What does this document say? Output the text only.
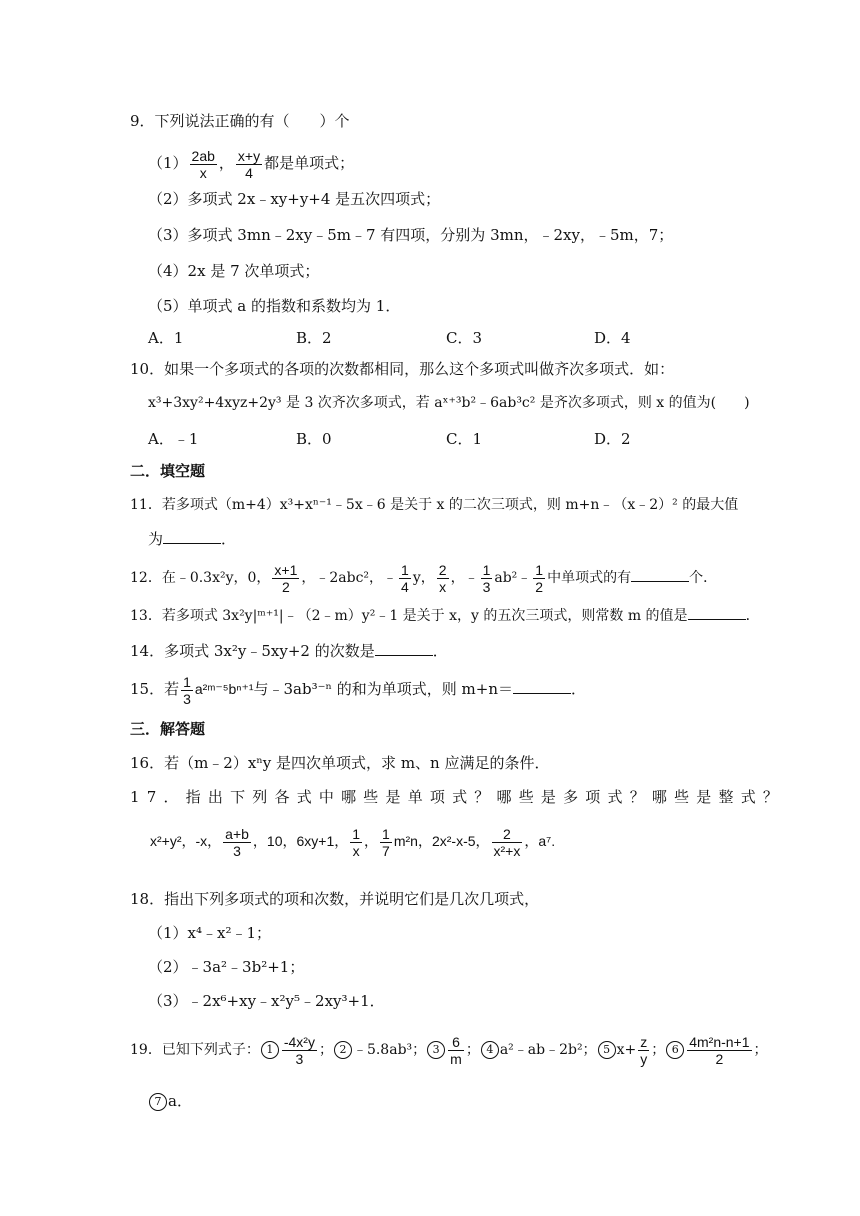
9．下列说法正确的有（　　）个
$(1) \frac{2ab}{x}$ ， $\frac{x+y}{4}$ 都是单项式；
（2）多项式 2x﹣xy+y+4 是五次四项式；
（3）多项式 3mn﹣2xy﹣5m﹣7 有四项，分别为 3mn，﹣2xy，﹣5m，7；
（4）2x 是 7 次单项式；
（5）单项式 a 的指数和系数均为 1．
A．1	B．2	C．3	D．4
10．如果一个多项式的各项的次数都相同，那么这个多项式叫做齐次多项式．如：
x³+3xy²+4xyz+2y³ 是 3 次齐次多项式，若 aˣ⁺³b²﹣6ab³c² 是齐次多项式，则 x 的值为(　　)
A．﹣1	B．0	C．1	D．2
二．填空题
11．若多项式（m+4）x³+xⁿ⁻¹﹣5x﹣6 是关于 x 的二次三项式，则 m+n﹣（x﹣2）² 的最大值
为	．
12．在﹣0.3x²y，0， $\frac{x+1}{2}$ ，﹣2abc²，﹣ $\frac{1}{4}$ y， $\frac{2}{x}$ ，﹣ $\frac{1}{3}$ ab²﹣ $\frac{1}{2}$ 中单项式的有	个．
13．若多项式 3x²y|ᵐ⁺¹|﹣（2﹣m）y²﹣1 是关于 x，y 的五次三项式，则常数 m 的值是	．
14．多项式 3x²y﹣5xy+2 的次数是	．
15．若 $\frac{1}{3}$ a²ᵐ⁻⁵bⁿ⁺¹与﹣3ab³⁻ⁿ 的和为单项式，则 m+n＝	．
三．解答题
16．若（m﹣2）xⁿy 是四次单项式，求 m、n 应满足的条件．
17．指出下列各式中哪些是单项式？哪些是多项式？哪些是整式？
x²+y²，-x， $\frac{a+b}{3}$ ，10，6xy+1， $\frac{1}{x}$ ， $\frac{1}{7} m^2n$，2x²-x-5， $\frac{2}{\text{x²+x}}$ ，a⁷.
18．指出下列多项式的项和次数，并说明它们是几次几项式，
（1）x⁴﹣x²﹣1；
（2）﹣3a²﹣3b²+1；
（3）﹣2x⁶+xy﹣x²y⁵﹣2xy³+1．
19．已知下列式子： $1 \frac{\text{-4x²y}}{3}$ ； 2 ﹣5.8ab³； $3 \frac{6}{m}$ ； 4 a²﹣ab﹣2b²； 5 $x+ \frac{z}{y}$ ； $6 \frac{\text{4m²n-n+1}}{2}$ ；
7 a．
